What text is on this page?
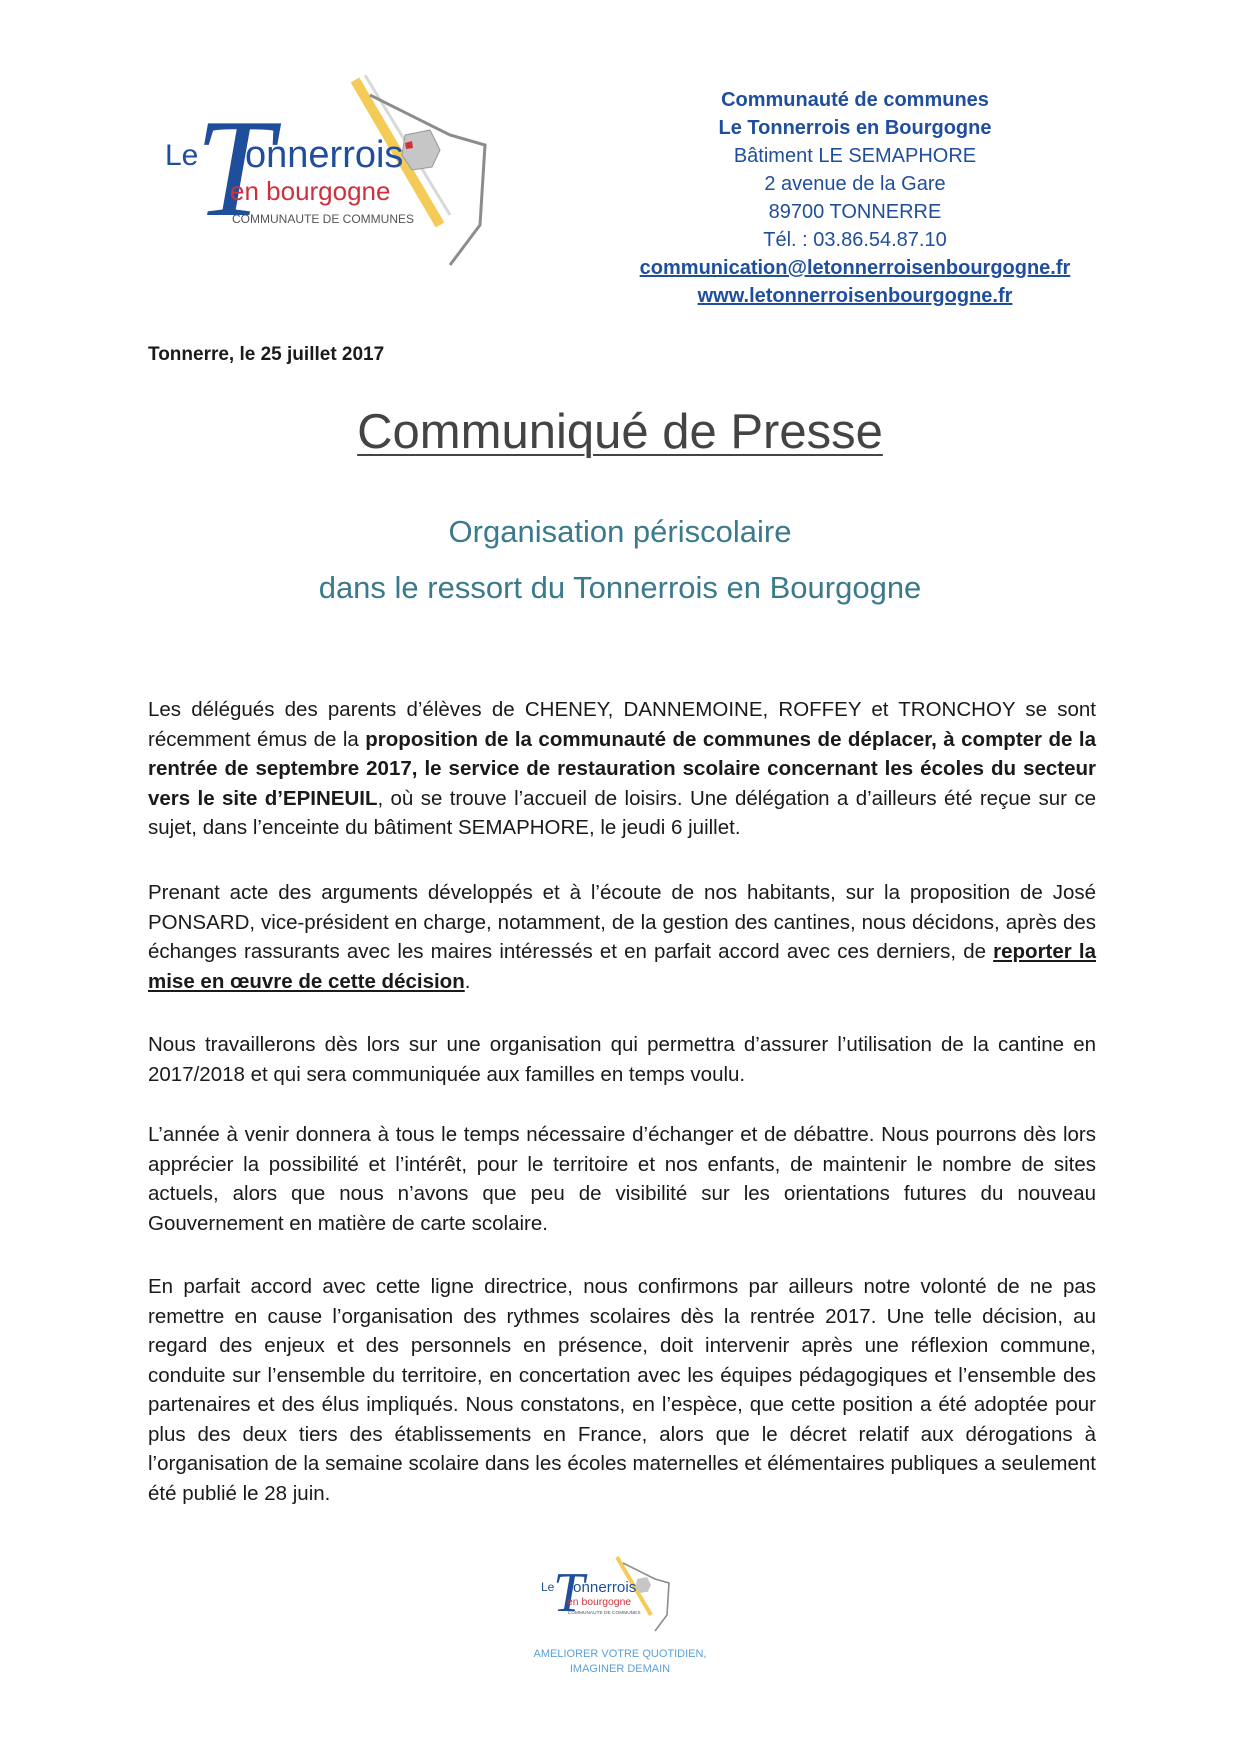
Le
T
onnerrois
en bourgogne
COMMUNAUTE DE COMMUNES
Communauté de communes
Le Tonnerrois en Bourgogne
Bâtiment LE SEMAPHORE
2 avenue de la Gare
89700 TONNERRE
Tél. : 03.86.54.87.10
communication@letonnerroisenbourgogne.fr
www.letonnerroisenbourgogne.fr
Tonnerre, le 25 juillet 2017
Communiqué de Presse
Organisation périscolaire
dans le ressort du Tonnerrois en Bourgogne
Les délégués des parents d’élèves de CHENEY, DANNEMOINE, ROFFEY et TRONCHOY se sont récemment émus de la proposition de la communauté de communes de déplacer, à compter de la rentrée de septembre 2017, le service de restauration scolaire concernant les écoles du secteur vers le site d’EPINEUIL, où se trouve l’accueil de loisirs. Une délégation a d’ailleurs été reçue sur ce sujet, dans l’enceinte du bâtiment SEMAPHORE, le jeudi 6 juillet.
Prenant acte des arguments développés et à l’écoute de nos habitants, sur la proposition de José PONSARD, vice-président en charge, notamment, de la gestion des cantines, nous décidons, après des échanges rassurants avec les maires intéressés et en parfait accord avec ces derniers, de reporter la mise en œuvre de cette décision.
Nous travaillerons dès lors sur une organisation qui permettra d’assurer l’utilisation de la cantine en 2017/2018 et qui sera communiquée aux familles en temps voulu.
L’année à venir donnera à tous le temps nécessaire d’échanger et de débattre. Nous pourrons dès lors apprécier la possibilité et l’intérêt, pour le territoire et nos enfants, de maintenir le nombre de sites actuels, alors que nous n’avons que peu de visibilité sur les orientations futures du nouveau Gouvernement en matière de carte scolaire.
En parfait accord avec cette ligne directrice, nous confirmons par ailleurs notre volonté de ne pas remettre en cause l’organisation des rythmes scolaires dès la rentrée 2017. Une telle décision, au regard des enjeux et des personnels en présence, doit intervenir après une réflexion commune, conduite sur l’ensemble du territoire, en concertation avec les équipes pédagogiques et l’ensemble des partenaires et des élus impliqués. Nous constatons, en l’espèce, que cette position a été adoptée pour plus des deux tiers des établissements en France, alors que le décret relatif aux dérogations à l’organisation de la semaine scolaire dans les écoles maternelles et élémentaires publiques a seulement été publié le 28 juin.
Le
T
onnerrois
en bourgogne
COMMUNAUTE DE COMMUNES
AMELIORER VOTRE QUOTIDIEN,
IMAGINER DEMAIN
